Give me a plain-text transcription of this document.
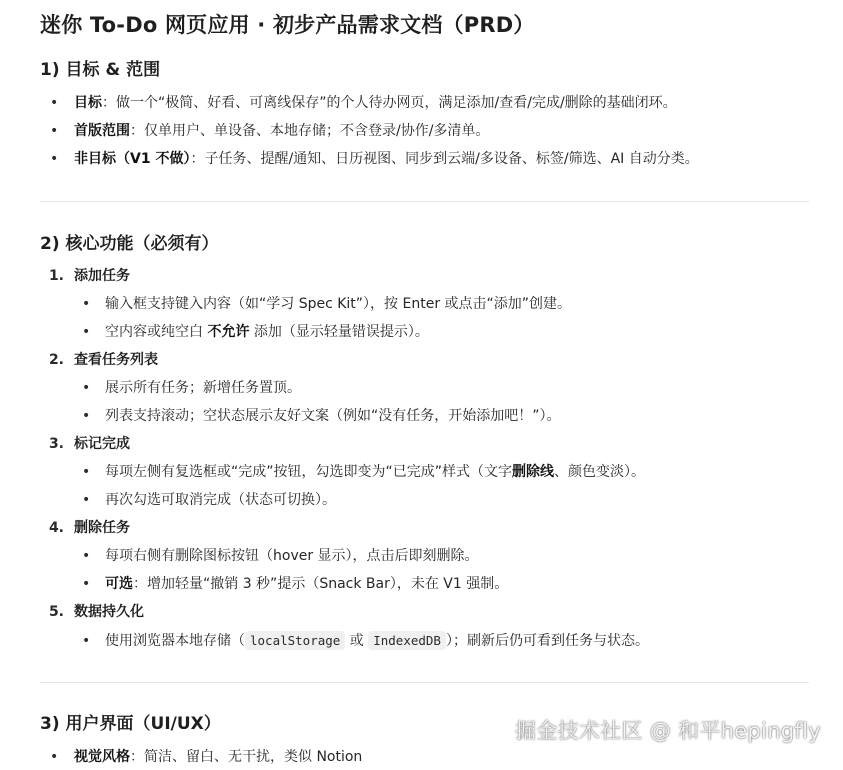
迷你 To-Do 网页应用 · 初步产品需求文档（PRD）
1) 目标 & 范围
• 目标：做一个“极简、好看、可离线保存”的个人待办网页，满足添加/查看/完成/删除的基础闭环。

• 首版范围：仅单用户、单设备、本地存储；不含登录/协作/多清单。

• 非目标（V1 不做）：子任务、提醒/通知、日历视图、同步到云端/多设备、标签/筛选、AI 自动分类。

2) 核心功能（必须有）
1. 添加任务
• 输入框支持键入内容（如“学习 Spec Kit”），按 Enter 或点击“添加”创建。

• 空内容或纯空白 不允许 添加（显示轻量错误提示）。

2. 查看任务列表
• 展示所有任务；新增任务置顶。

• 列表支持滚动；空状态展示友好文案（例如“没有任务，开始添加吧！”）。

3. 标记完成
• 每项左侧有复选框或“完成”按钮，勾选即变为“已完成”样式（文字删除线、颜色变淡）。

• 再次勾选可取消完成（状态可切换）。

4. 删除任务
• 每项右侧有删除图标按钮（hover 显示），点击后即刻删除。

• 可选：增加轻量“撤销 3 秒”提示（Snack Bar），未在 V1 强制。

5. 数据持久化
• 使用浏览器本地存储（ localStorage 或 IndexedDB ）；刷新后仍可看到任务与状态。

3) 用户界面（UI/UX）
• 视觉风格：简洁、留白、无干扰，类似 Notion

掘金技术社区 @ 和平hepingfly
